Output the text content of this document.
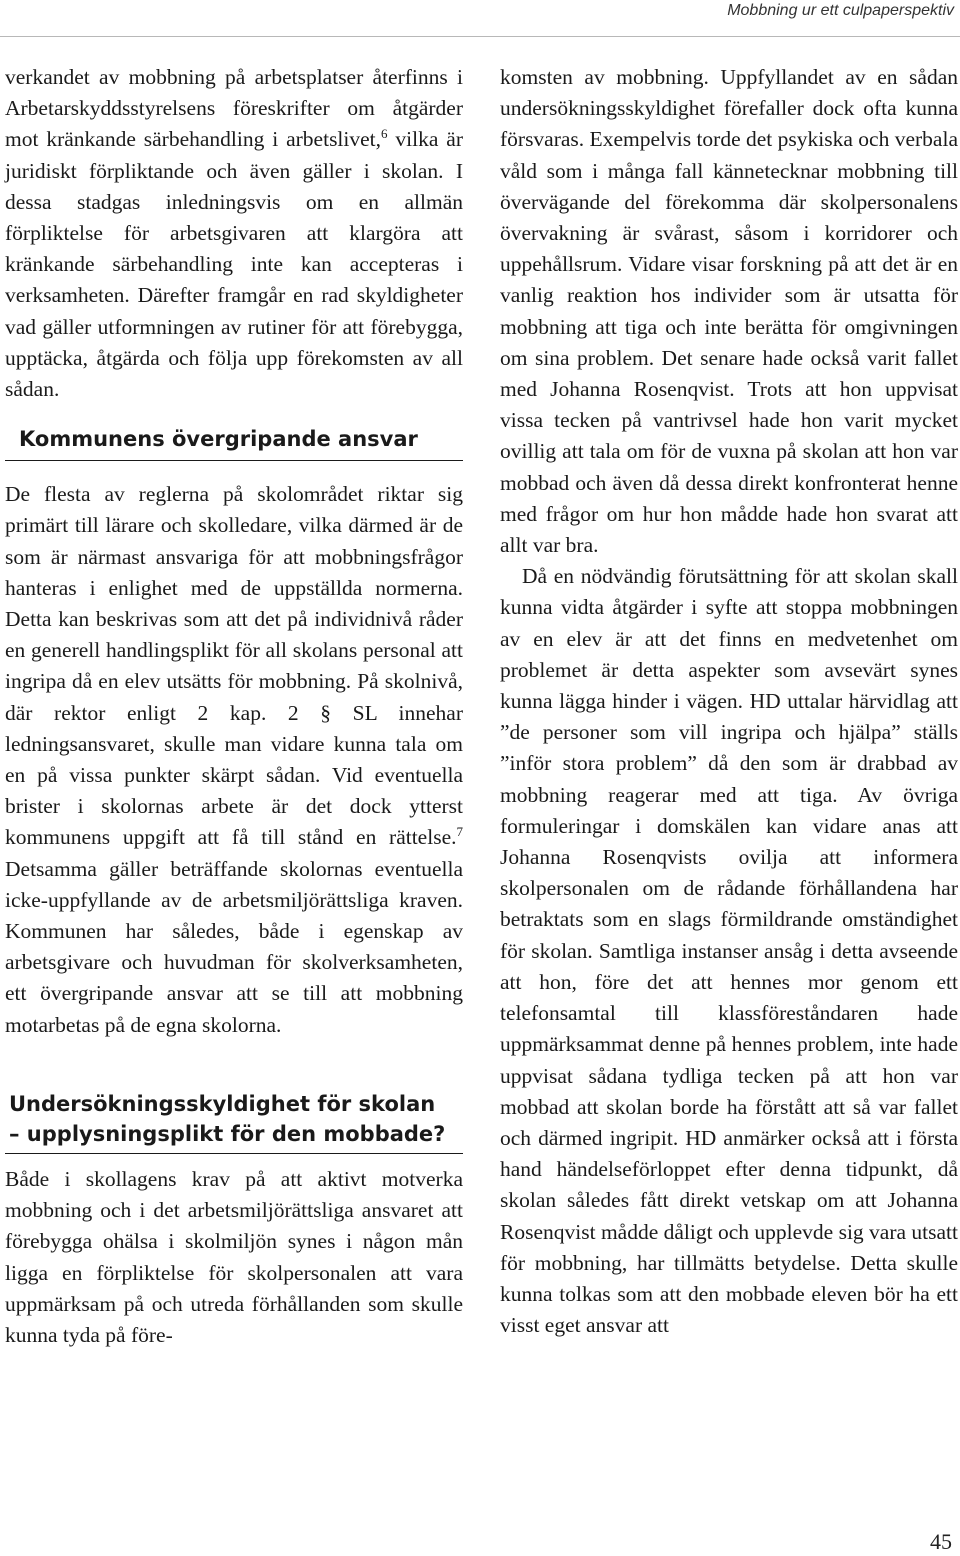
Mobbning ur ett culpaperspektiv

verkandet av mobbning på arbetsplatser återfinns i Arbetarskyddsstyrelsens föreskrifter om åtgärder mot kränkande särbehandling i arbetslivet,$^6$ vilka är juridiskt förpliktande och även gäller i skolan. I dessa stadgas inledningsvis om en allmän förpliktelse för arbetsgivaren att klargöra att kränkande särbehandling inte kan accepteras i verksamheten. Därefter framgår en rad skyldigheter vad gäller utformningen av rutiner för att förebygga, upptäcka, åtgärda och följa upp förekomsten av all sådan.

Kommunens övergripande ansvar

De flesta av reglerna på skolområdet riktar sig primärt till lärare och skolledare, vilka därmed är de som är närmast ansvariga för att mobbningsfrågor hanteras i enlighet med de uppställda normerna. Detta kan beskrivas som att det på individnivå råder en generell handlingsplikt för all skolans personal att ingripa då en elev utsätts för mobbning. På skolnivå, där rektor enligt 2 kap. 2 § SL innehar ledningsansvaret, skulle man vidare kunna tala om en på vissa punkter skärpt sådan. Vid eventuella brister i skolornas arbete är det dock ytterst kommunens uppgift att få till stånd en rättelse.$^7$ Detsamma gäller beträffande skolornas eventuella icke-uppfyllande av de arbetsmiljörättsliga kraven. Kommunen har således, både i egenskap av arbetsgivare och huvudman för skolverksamheten, ett övergripande ansvar att se till att mobbning motarbetas på de egna skolorna.

Undersökningsskyldighet för skolan
– upplysningsplikt för den mobbade?

Både i skollagens krav på att aktivt motverka mobbning och i det arbetsmiljörättsliga ansvaret att förebygga ohälsa i skolmiljön synes i någon mån ligga en förpliktelse för skolpersonalen att vara uppmärksam på och utreda förhållanden som skulle kunna tyda på före-

komsten av mobbning. Uppfyllandet av en sådan undersökningsskyldighet förefaller dock ofta kunna försvaras. Exempelvis torde det psykiska och verbala våld som i många fall kännetecknar mobbning till övervägande del förekomma där skolpersonalens övervakning är svårast, såsom i korridorer och uppehållsrum. Vidare visar forskning på att det är en vanlig reaktion hos individer som är utsatta för mobbning att tiga och inte berätta för omgivningen om sina problem. Det senare hade också varit fallet med Johanna Rosenqvist. Trots att hon uppvisat vissa tecken på vantrivsel hade hon varit mycket ovillig att tala om för de vuxna på skolan att hon var mobbad och även då dessa direkt konfronterat henne med frågor om hur hon mådde hade hon svarat att allt var bra.

Då en nödvändig förutsättning för att skolan skall kunna vidta åtgärder i syfte att stoppa mobbningen av en elev är att det finns en medvetenhet om problemet är detta aspekter som avsevärt synes kunna lägga hinder i vägen. HD uttalar härvidlag att ”de personer som vill ingripa och hjälpa” ställs ”inför stora problem” då den som är drabbad av mobbning reagerar med att tiga. Av övriga formuleringar i domskälen kan vidare anas att Johanna Rosenqvists ovilja att informera skolpersonalen om de rådande förhållandena har betraktats som en slags förmildrande omständighet för skolan. Samtliga instanser ansåg i detta avseende att hon, före det att hennes mor genom ett telefonsamtal till klassföreståndaren hade uppmärksammat denne på hennes problem, inte hade uppvisat sådana tydliga tecken på att hon var mobbad att skolan borde ha förstått att så var fallet och därmed ingripit. HD anmärker också att i första hand händelseförloppet efter denna tidpunkt, då skolan således fått direkt vetskap om att Johanna Rosenqvist mådde dåligt och upplevde sig vara utsatt för mobbning, har tillmätts betydelse. Detta skulle kunna tolkas som att den mobbade eleven bör ha ett visst eget ansvar att

45
